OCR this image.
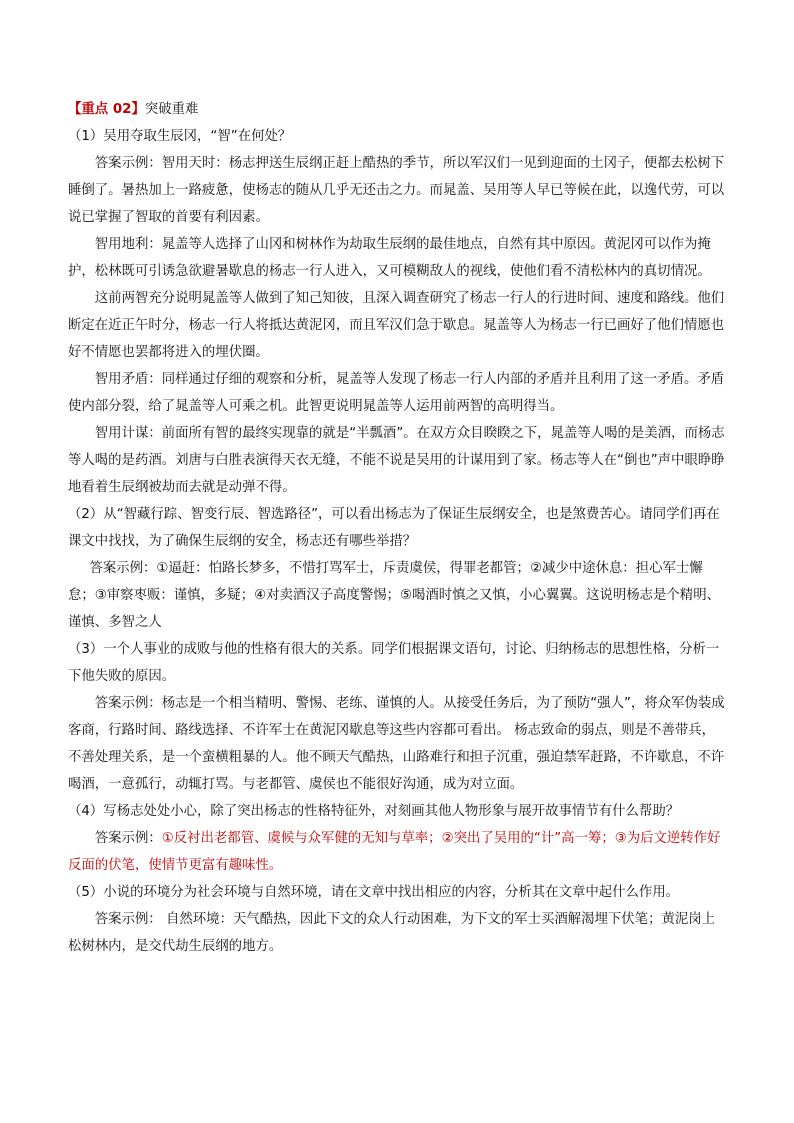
【重点 02】突破重难

（1）吴用夺取生辰冈，“智”在何处？

答案示例：智用天时：杨志押送生辰纲正赶上酷热的季节，所以军汉们一见到迎面的土冈子，便都去松树下睡倒了。暑热加上一路疲惫，使杨志的随从几乎无还击之力。而晁盖、吴用等人早已等候在此，以逸代劳，可以说已掌握了智取的首要有利因素。

智用地利：晁盖等人选择了山冈和树林作为劫取生辰纲的最佳地点，自然有其中原因。黄泥冈可以作为掩护，松林既可引诱急欲避暑歇息的杨志一行人进入，又可模糊敌人的视线，使他们看不清松林内的真切情况。

这前两智充分说明晁盖等人做到了知己知彼，且深入调查研究了杨志一行人的行进时间、速度和路线。他们断定在近正午时分，杨志一行人将抵达黄泥冈，而且军汉们急于歇息。晁盖等人为杨志一行已画好了他们情愿也好不情愿也罢都将进入的埋伏圈。

智用矛盾：同样通过仔细的观察和分析，晁盖等人发现了杨志一行人内部的矛盾并且利用了这一矛盾。矛盾使内部分裂，给了晁盖等人可乘之机。此智更说明晁盖等人运用前两智的高明得当。

智用计谋：前面所有智的最终实现靠的就是“半瓢酒”。在双方众目睽睽之下，晁盖等人喝的是美酒，而杨志等人喝的是药酒。刘唐与白胜表演得天衣无缝，不能不说是吴用的计谋用到了家。杨志等人在“倒也”声中眼睁睁地看着生辰纲被劫而去就是动弹不得。

（2）从“智藏行踪、智变行辰、智选路径”，可以看出杨志为了保证生辰纲安全，也是煞费苦心。请同学们再在课文中找找，为了确保生辰纲的安全，杨志还有哪些举措？

答案示例：①逼赶：怕路长梦多，不惜打骂军士，斥责虞侯，得罪老都管；②减少中途休息：担心军士懈怠；③审察枣贩：谨慎，多疑；④对卖酒汉子高度警惕；⑤喝酒时慎之又慎，小心翼翼。这说明杨志是个精明、谨慎、多智之人

（3）一个人事业的成败与他的性格有很大的关系。同学们根据课文语句，讨论、归纳杨志的思想性格，分析一下他失败的原因。

答案示例：杨志是一个相当精明、警惕、老练、谨慎的人。从接受任务后，为了预防“强人”，将众军伪装成客商，行路时间、路线选择、不许军士在黄泥冈歇息等这些内容都可看出。 杨志致命的弱点，则是不善带兵，不善处理关系，是一个蛮横粗暴的人。他不顾天气酷热，山路难行和担子沉重，强迫禁军赶路，不许歇息，不许喝酒，一意孤行，动辄打骂。与老都管、虞侯也不能很好沟通，成为对立面。

（4）写杨志处处小心，除了突出杨志的性格特征外，对刻画其他人物形象与展开故事情节有什么帮助？

答案示例：①反衬出老都管、虞候与众军健的无知与草率；②突出了吴用的“计”高一筹；③为后文逆转作好反面的伏笔，使情节更富有趣味性。

（5）小说的环境分为社会环境与自然环境，请在文章中找出相应的内容，分析其在文章中起什么作用。

答案示例： 自然环境：天气酷热，因此下文的众人行动困难，为下文的军士买酒解渴埋下伏笔；黄泥岗上松树林内，是交代劫生辰纲的地方。
